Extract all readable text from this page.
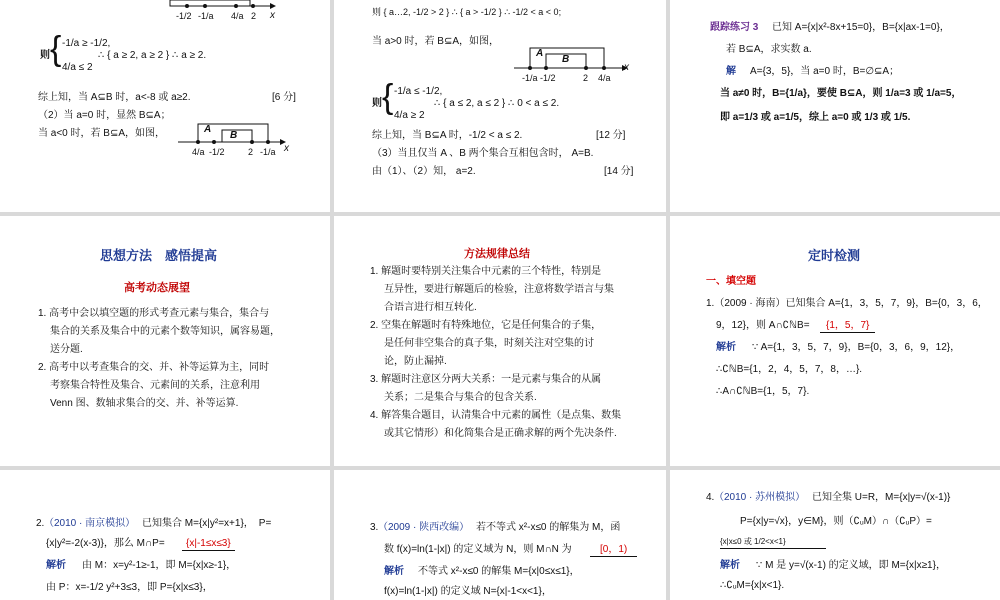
-1/2 -1/a 4/a 2 x
则 { -1/a ≥ -1/2,
4/a ≤ 2
∴ { a ≥ 2, a ≥ 2 } ∴ a ≥ 2.
综上知，当 A⊆B 时，a<-8 或 a≥2.	[6 分]
（2）当 a=0 时，显然 B⊆A；
当 a<0 时，若 B⊆A，如图，	A
B
4/a -1/2	2 -1/a x
则 { a…2, -1/2 > 2 } ∴ { a > -1/2 } ∴ -1/2 < a < 0;
当 a>0 时，若 B⊆A，如图，
A
B
-1/a -1/2	2 4/a
x
则 { -1/a ≤ -1/2,
4/a ≥ 2
∴ { a ≤ 2, a ≤ 2 } ∴ 0 < a ≤ 2.
综上知，当 B⊆A 时，-1/2 < a ≤ 2.	[12 分]
（3）当且仅当 A 、B 两个集合互相包含时， A=B.
由（1）、（2）知， a=2.	[14 分]
跟踪练习 3 已知 A={x|x²-8x+15=0}，B={x|ax-1=0}，
若 B⊆A，求实数 a.
解 A={3，5}，当 a=0 时，B=∅⊆A；
当 a≠0 时，B={1/a}，要使 B⊆A，则 1/a=3 或 1/a=5，
即 a=1/3 或 a=1/5，综上 a=0 或 1/3 或 1/5.
思想方法　感悟提高
高考动态展望
1. 高考中会以填空题的形式考查元素与集合，集合与
集合的关系及集合中的元素个数等知识，属容易题，
送分题.
2. 高考中以考查集合的交、并、补等运算为主，同时
考察集合特性及集合、元素间的关系，注意利用
Venn 图、数轴求集合的交、并、补等运算.
方法规律总结
1. 解题时要特别关注集合中元素的三个特性，特别是
互异性，要进行解题后的检验，注意将数学语言与集
合语言进行相互转化.
2. 空集在解题时有特殊地位，它是任何集合的子集，
是任何非空集合的真子集，时刻关注对空集的讨
论，防止漏掉.
3. 解题时注意区分两大关系：一是元素与集合的从属
关系；二是集合与集合的包含关系.
4. 解答集合题目，认清集合中元素的属性（是点集、数集
或其它情形）和化简集合是正确求解的两个先决条件.
定时检测
一、填空题
1.（2009 · 海南）已知集合 A={1，3，5，7，9}，B={0，3，6，
9，12}，则 A∩∁ℕB=	{1，5，7}
解析 ∵ A={1，3，5，7，9}，B={0，3，6，9，12}，
∴∁ℕB={1，2，4，5，7，8，…}.
∴A∩∁ℕB={1，5，7}.
2. （2010 · 南京模拟） 已知集合 M={x|y²=x+1}，　P=
{x|y²=-2(x-3)}，那么 M∩P=	{x|-1≤x≤3}
解析 由 M：x=y²-1≥-1，即 M={x|x≥-1}，
由 P：x=-1/2 y²+3≤3，即 P={x|x≤3}，
3. （2009 · 陕西改编） 若不等式 x²-x≤0 的解集为 M，函
数 f(x)=ln(1-|x|) 的定义域为 N，则 M∩N 为	[0，1)
解析 不等式 x²-x≤0 的解集 M={x|0≤x≤1}，
f(x)=ln(1-|x|) 的定义域 N={x|-1<x<1}，
4. （2010 · 苏州模拟） 已知全集 U=R，M={x|y=√(x-1)}
P={x|y=√x}，y∈M}，则（∁ᵤM）∩（∁ᵤP）=
{x|x≤0 或 1/2<x<1}
解析 ∵ M 是 y=√(x-1) 的定义域，即 M={x|x≥1}，
∴∁ᵤM={x|x<1}.
